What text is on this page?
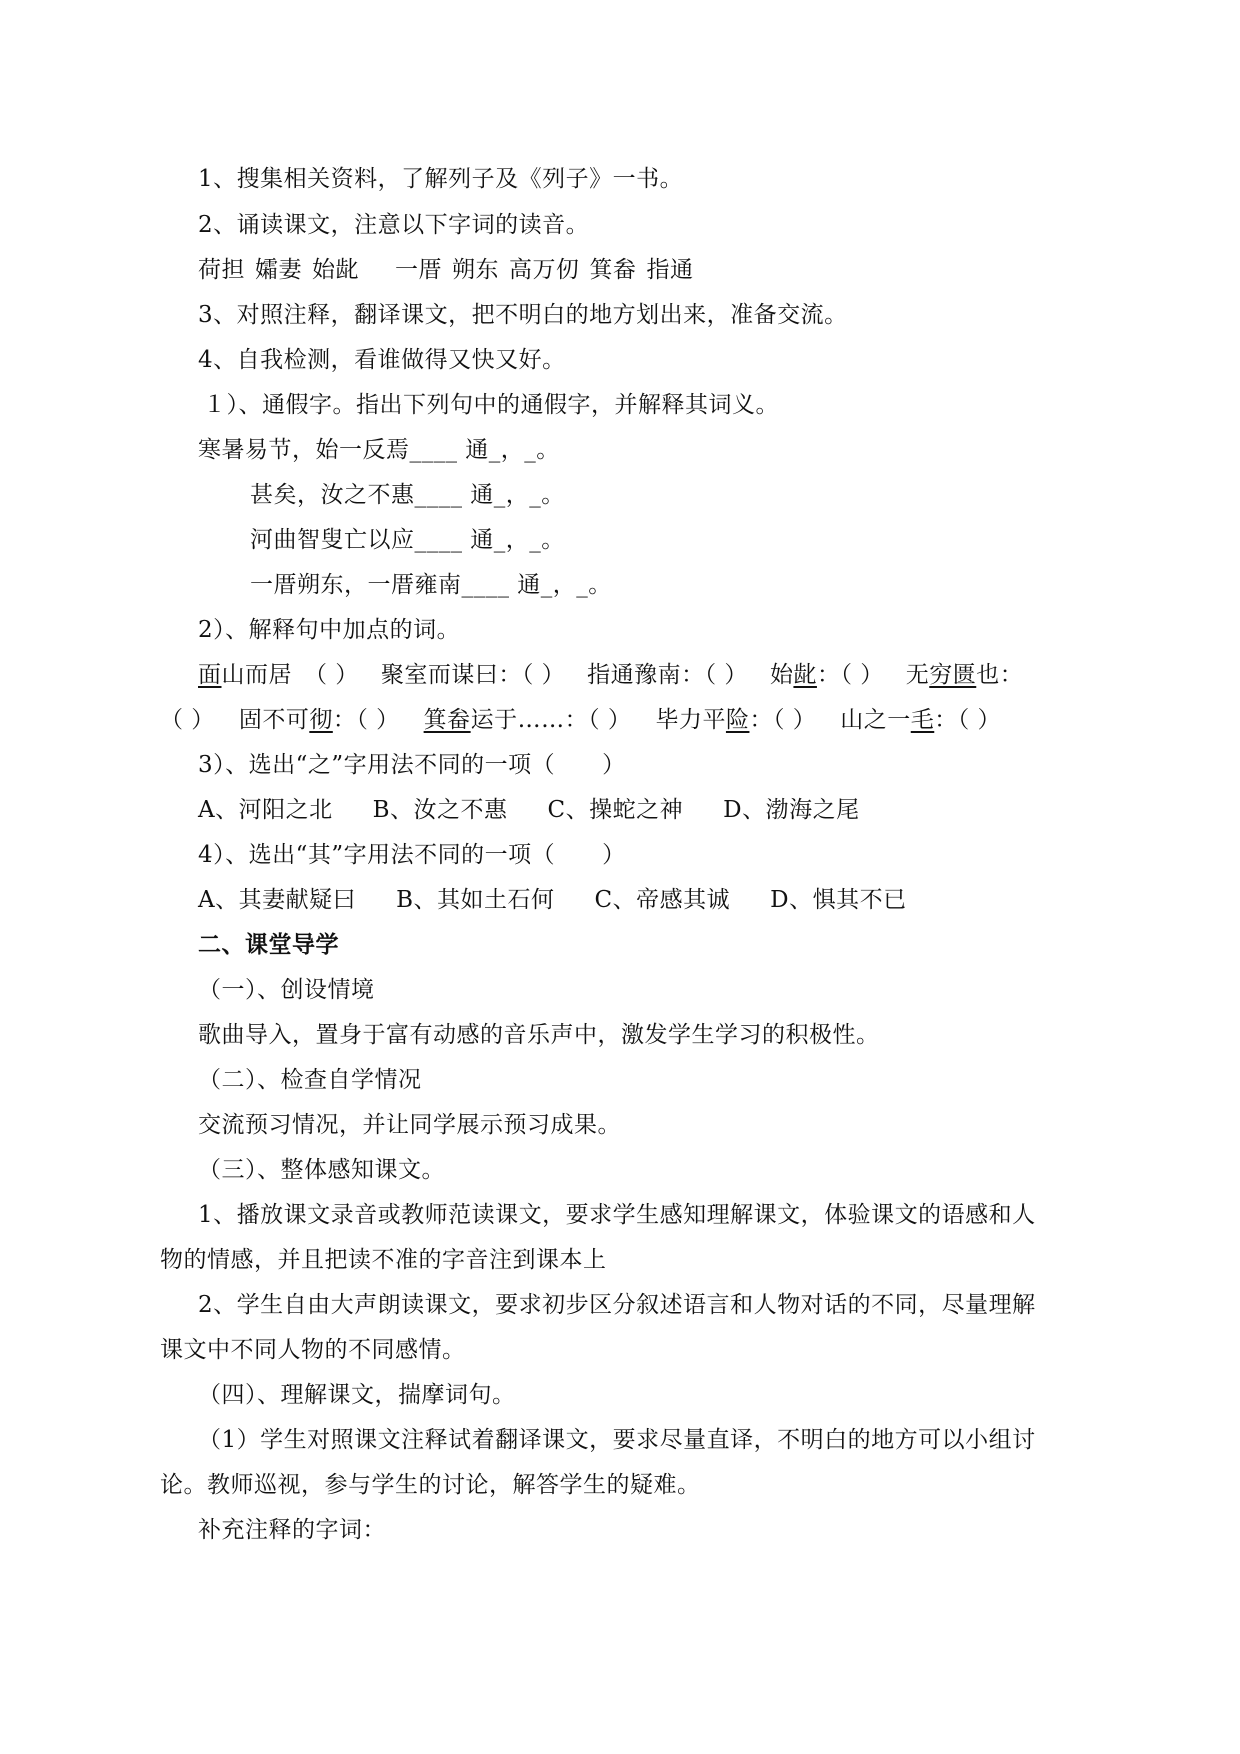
1、搜集相关资料，了解列子及《列子》一书。
2、诵读课文，注意以下字词的读音。
荷担 孀妻 始龀 一厝 朔东 高万仞 箕畚 指通
3、对照注释，翻译课文，把不明白的地方划出来，准备交流。
4、自我检测，看谁做得又快又好。
１）、通假字。指出下列句中的通假字，并解释其词义。
寒暑易节，始一反焉____ 通_，_。
甚矣，汝之不惠____ 通_，_。
河曲智叟亡以应____ 通_，_。
一厝朔东，一厝雍南____ 通_，_。
2）、解释句中加点的词。
面山而居 （ ） 聚室而谋曰：（ ） 指通豫南：（ ） 始龀：（ ） 无穷匮也：
（ ） 固不可彻：（ ） 箕畚运于……：（ ） 毕力平险：（ ） 山之一毛：（ ）
3）、选出“之”字用法不同的一项（　　）
A、河阳之北 B、汝之不惠 C、操蛇之神 D、渤海之尾
4）、选出“其”字用法不同的一项（　　）
A、其妻献疑曰 B、其如土石何 C、帝感其诚 D、惧其不已
二、课堂导学
（一）、创设情境
歌曲导入，置身于富有动感的音乐声中，激发学生学习的积极性。
（二）、检查自学情况
交流预习情况，并让同学展示预习成果。
（三）、整体感知课文。
1、播放课文录音或教师范读课文，要求学生感知理解课文，体验课文的语感和人
物的情感，并且把读不准的字音注到课本上
2、学生自由大声朗读课文，要求初步区分叙述语言和人物对话的不同，尽量理解
课文中不同人物的不同感情。
（四）、理解课文，揣摩词句。
（1）学生对照课文注释试着翻译课文，要求尽量直译，不明白的地方可以小组讨
论。教师巡视，参与学生的讨论，解答学生的疑难。
补充注释的字词：
